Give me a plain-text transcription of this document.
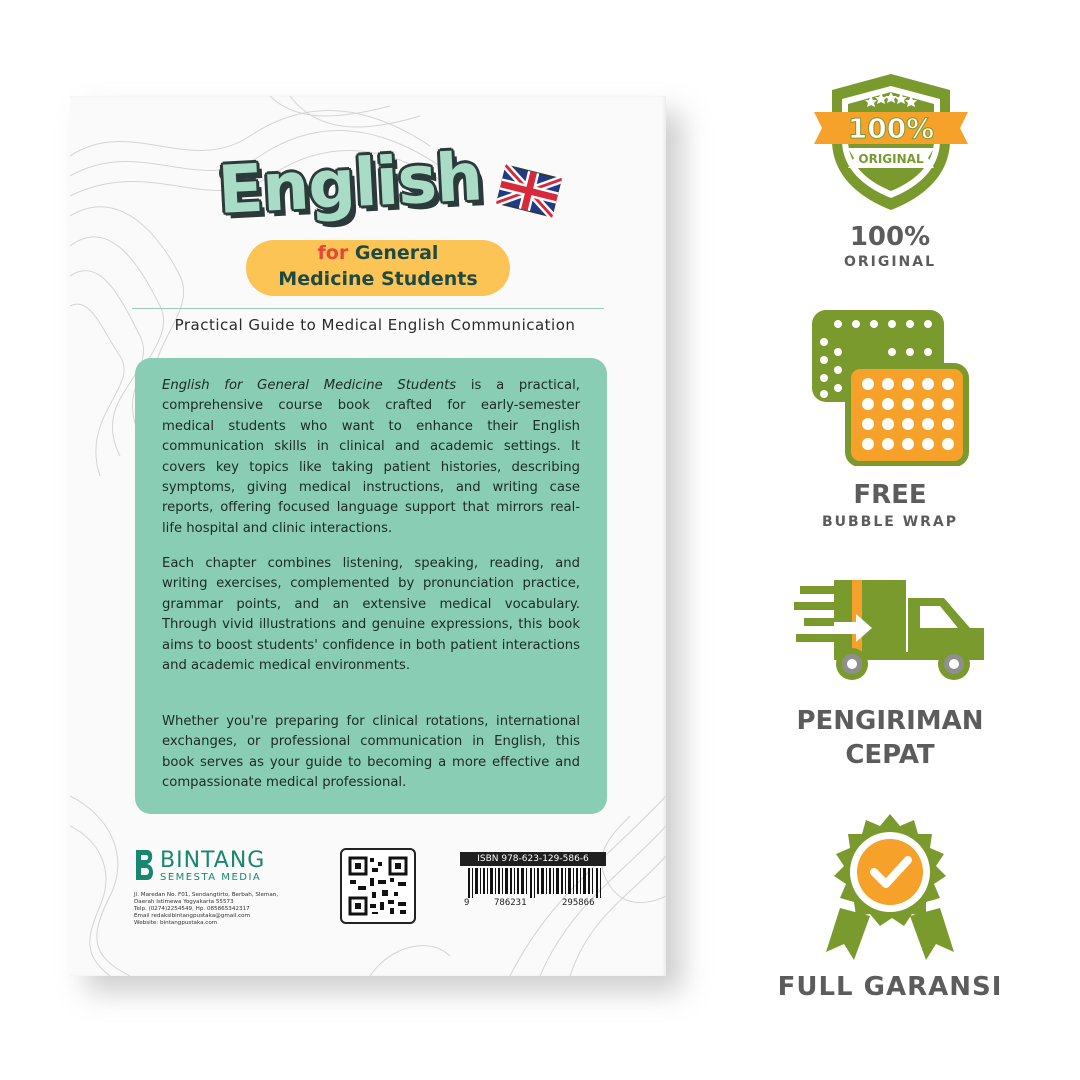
English
for General
Medicine Students
Practical Guide to Medical English Communication

English for General Medicine Students is a practical, comprehensive course book crafted for early-semester medical students who want to enhance their English communication skills in clinical and academic settings. It covers key topics like taking patient histories, describing symptoms, giving medical instructions, and writing case reports, offering focused language support that mirrors real-life hospital and clinic interactions.

Each chapter combines listening, speaking, reading, and writing exercises, complemented by pronunciation practice, grammar points, and an extensive medical vocabulary. Through vivid illustrations and genuine expressions, this book aims to boost students' confidence in both patient interactions and academic medical environments.

Whether you're preparing for clinical rotations, international exchanges, or professional communication in English, this book serves as your guide to becoming a more effective and compassionate medical professional.

BINTANG
SEMESTA MEDIA
Jl. Maredan No. F01, Sendangtirto, Berbah, Sleman,
Daerah Istimewa Yogyakarta 55573
Telp. (0274)2254549, Hp. 085865342317
Email redaksibintangpustaka@gmail.com
Website: bintangpustaka.com
ISBN 978-623-129-586-6
9	786231	295866
100%
ORIGINAL
100%
ORIGINAL
FREE
BUBBLE WRAP
PENGIRIMAN CEPAT
FULL GARANSI
